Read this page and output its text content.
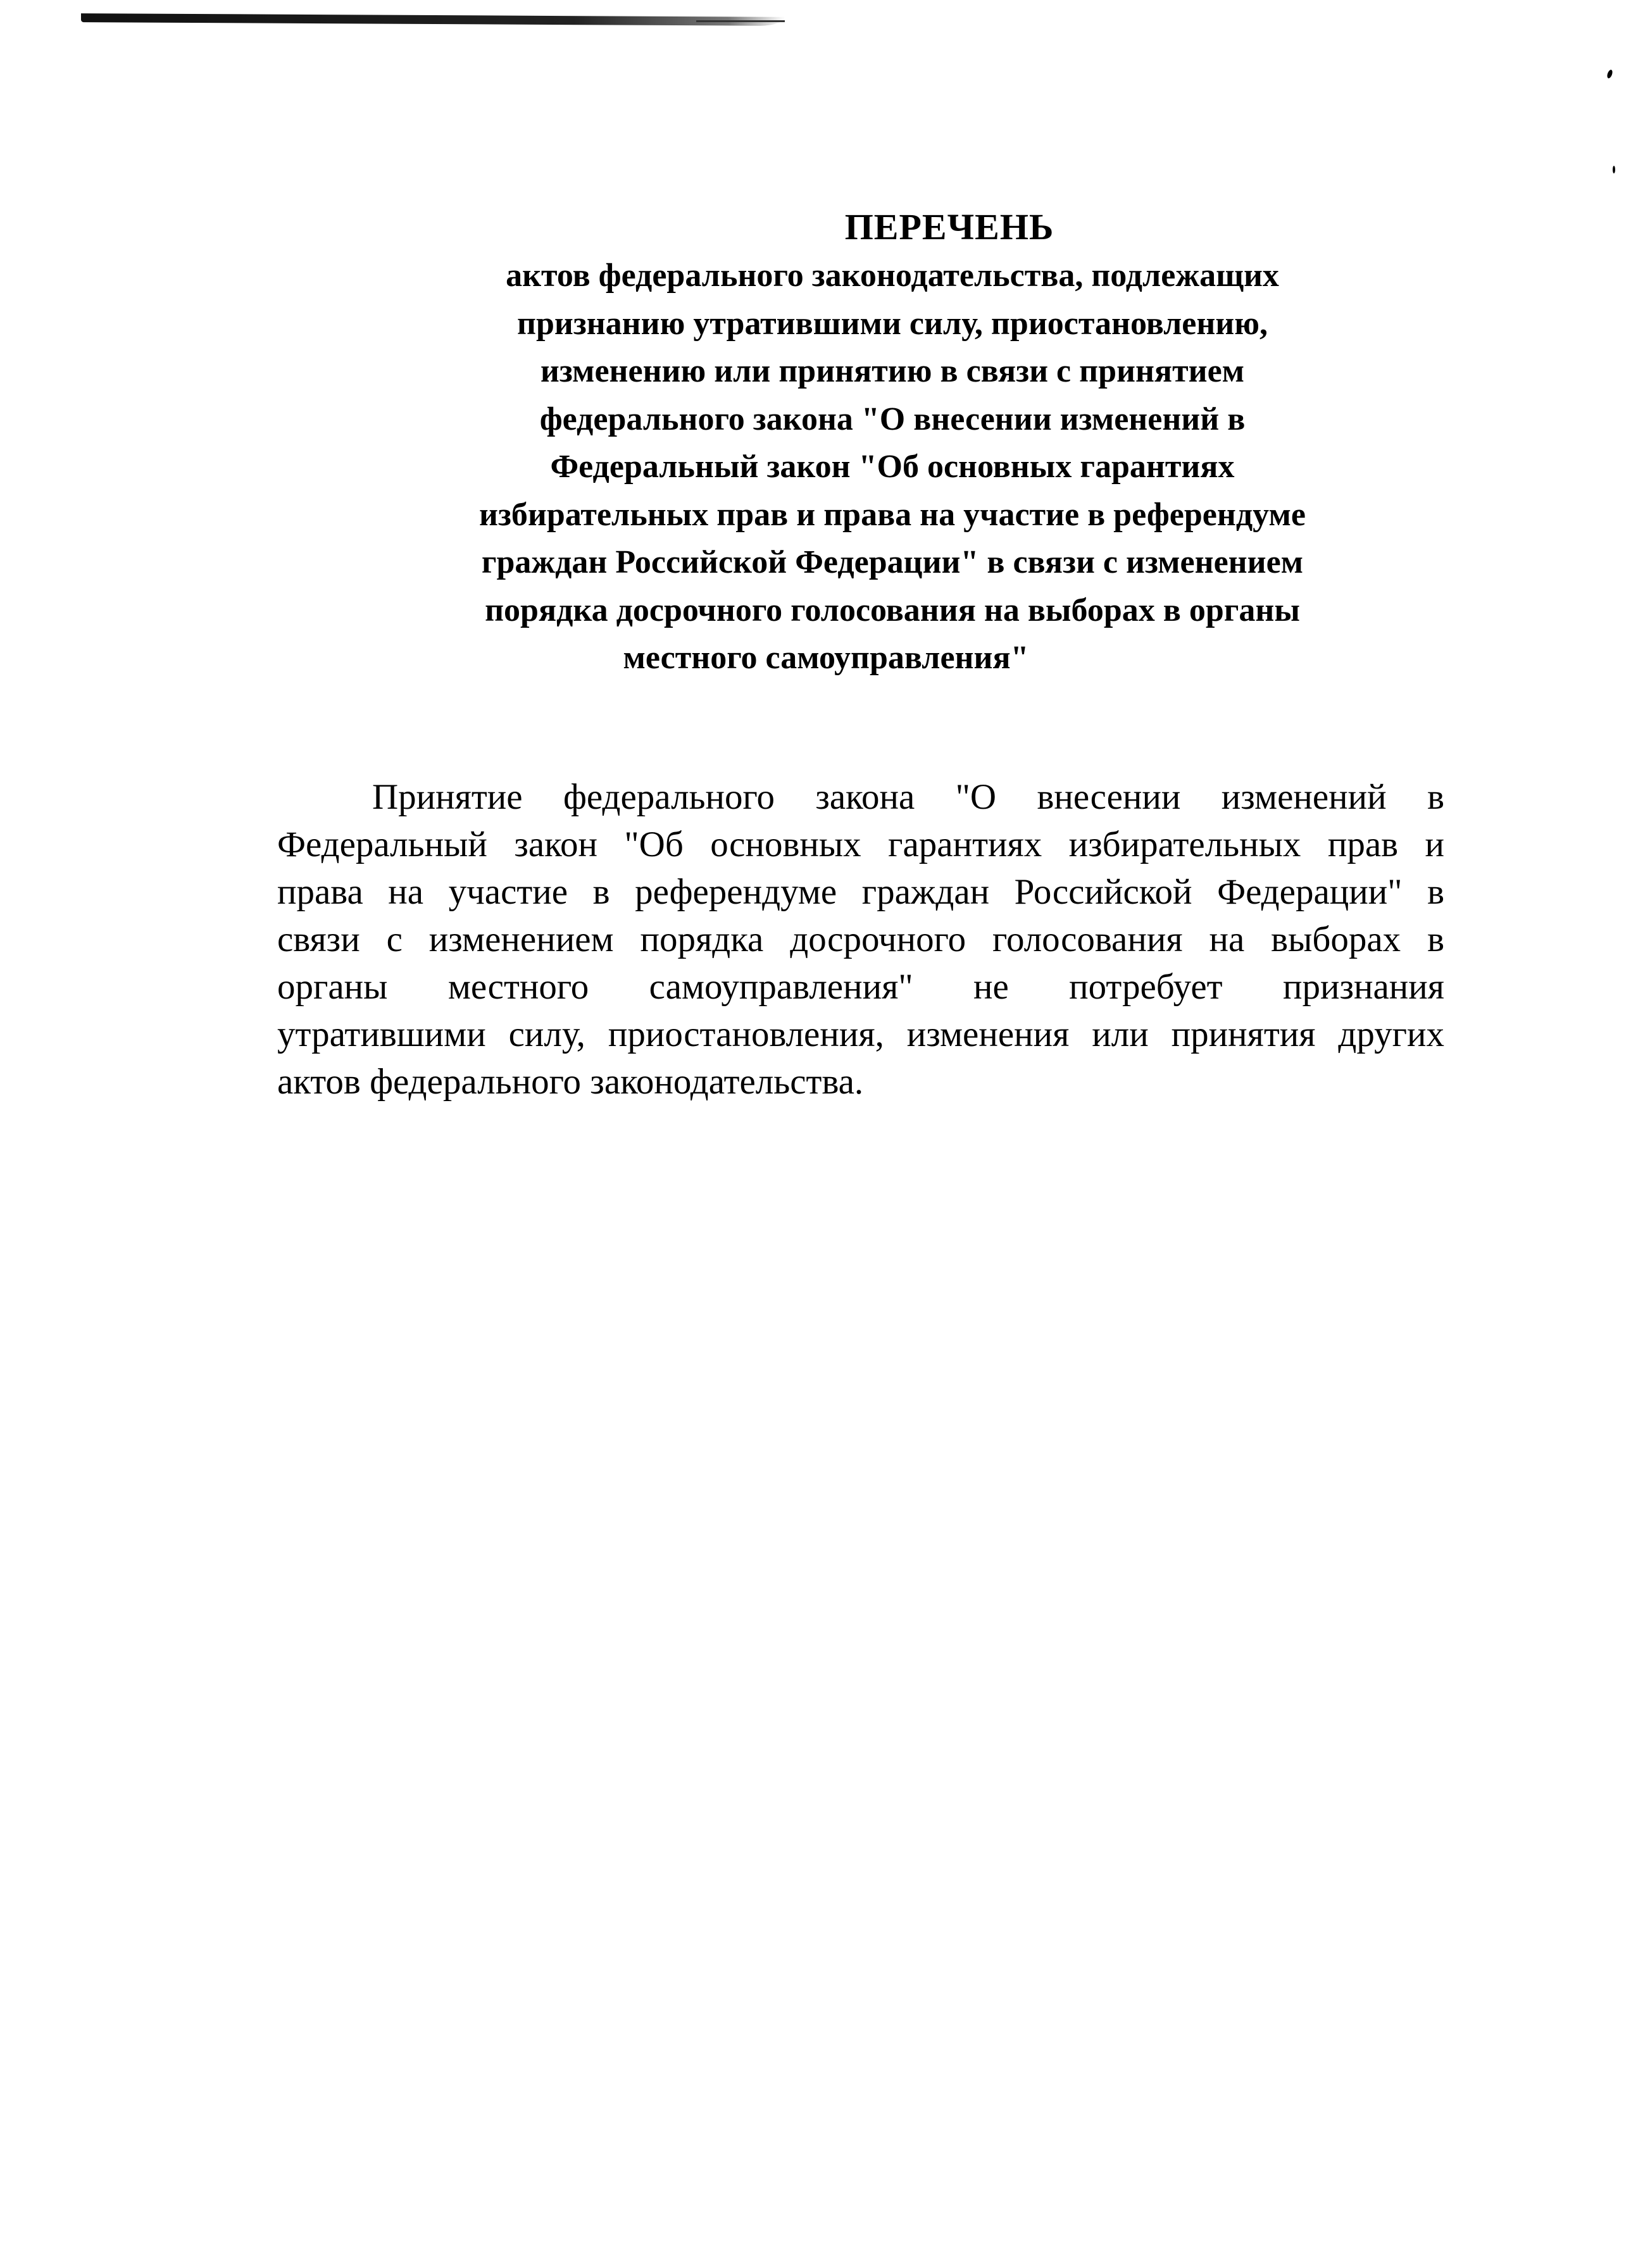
ПЕРЕЧЕНЬ
актов федерального законодательства, подлежащих
признанию утратившими силу, приостановлению,
изменению или принятию в связи с принятием
федерального закона "О внесении изменений в
Федеральный закон "Об основных гарантиях
избирательных прав и права на участие в референдуме
граждан Российской Федерации" в связи с изменением
порядка досрочного голосования на выборах в органы
местного самоуправления"
Принятие федерального закона "О внесении изменений в
Федеральный закон "Об основных гарантиях избирательных прав и
права на участие в референдуме граждан Российской Федерации" в
связи с изменением порядка досрочного голосования на выборах в
органы местного самоуправления" не потребует признания
утратившими силу, приостановления, изменения или принятия других
актов федерального законодательства.
